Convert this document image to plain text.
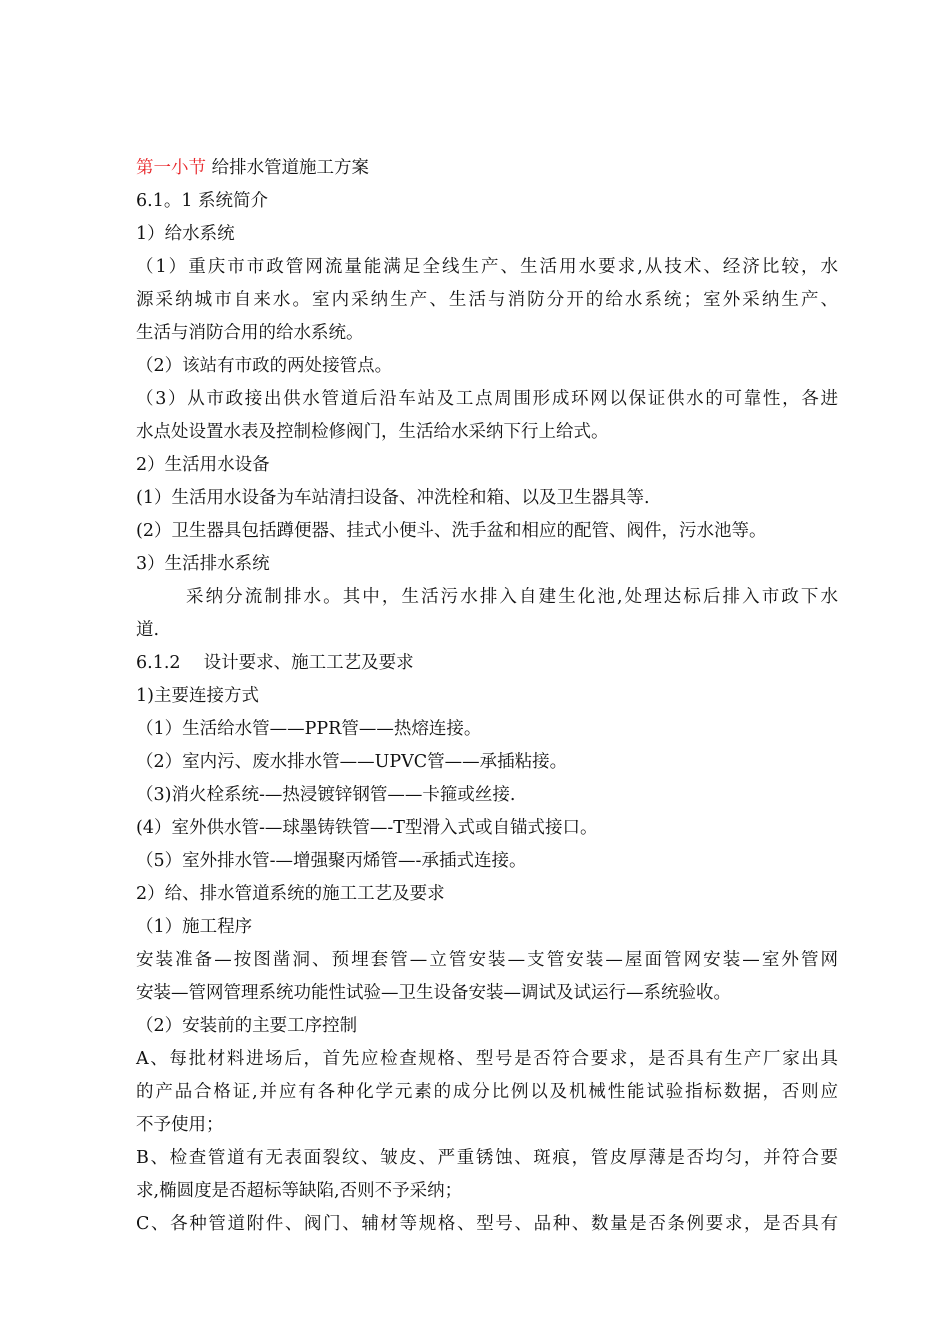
第一小节 给排水管道施工方案
6.1。1 系统简介
1）给水系统
（1）重庆市市政管网流量能满足全线生产、生活用水要求,从技术、经济比较，水
源采纳城市自来水。室内采纳生产、生活与消防分开的给水系统；室外采纳生产、
生活与消防合用的给水系统。
（2）该站有市政的两处接管点。
（3）从市政接出供水管道后沿车站及工点周围形成环网以保证供水的可靠性，各进
水点处设置水表及控制检修阀门，生活给水采纳下行上给式。
2）生活用水设备
(1）生活用水设备为车站清扫设备、冲洗栓和箱、以及卫生器具等.
(2）卫生器具包括蹲便器、挂式小便斗、洗手盆和相应的配管、阀件，污水池等。
3）生活排水系统
采纳分流制排水。其中，生活污水排入自建生化池,处理达标后排入市政下水
道.
6.1.2　 设计要求、施工工艺及要求
1)主要连接方式
（1）生活给水管——PPR管——热熔连接。
（2）室内污、废水排水管——UPVC管——承插粘接。
（3)消火栓系统-—热浸镀锌钢管——卡箍或丝接.
(4）室外供水管-—球墨铸铁管—-T型滑入式或自锚式接口。
（5）室外排水管-—增强聚丙烯管—-承插式连接。
2）给、排水管道系统的施工工艺及要求
（1）施工程序
安装准备—按图凿洞、预埋套管—立管安装—支管安装—屋面管网安装—室外管网
安装—管网管理系统功能性试验—卫生设备安装—调试及试运行—系统验收。
（2）安装前的主要工序控制
A、每批材料进场后，首先应检查规格、型号是否符合要求，是否具有生产厂家出具
的产品合格证,并应有各种化学元素的成分比例以及机械性能试验指标数据，否则应
不予使用；
B、检查管道有无表面裂纹、皱皮、严重锈蚀、斑痕，管皮厚薄是否均匀，并符合要
求,椭圆度是否超标等缺陷,否则不予采纳；
C、各种管道附件、阀门、辅材等规格、型号、品种、数量是否条例要求，是否具有
